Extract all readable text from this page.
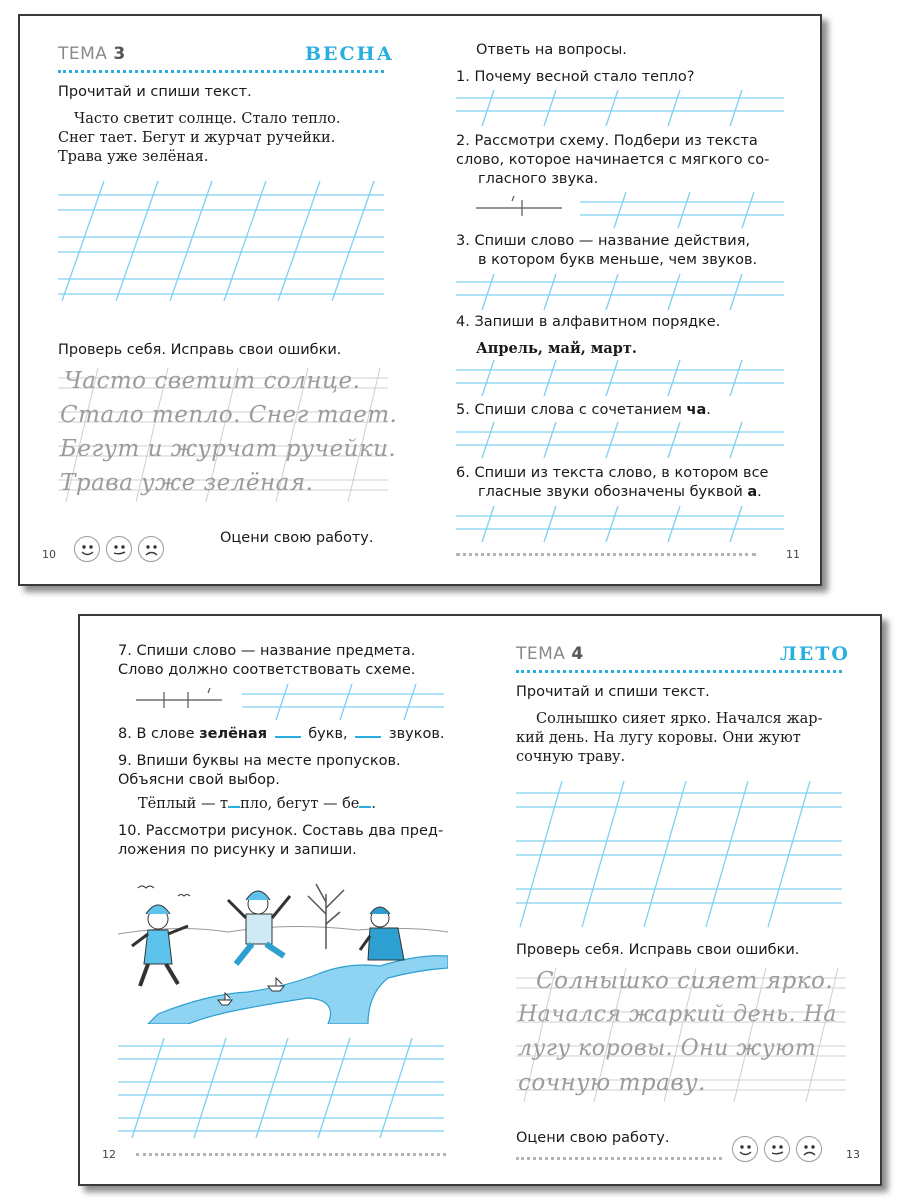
ТЕМА 3	ВЕСНА
Прочитай и спиши текст.
Часто светит солнце. Стало тепло.
Снег тает. Бегут и журчат ручейки.
Трава уже зелёная.
Проверь себя. Исправь свои ошибки.
Часто светит солнце.
Стало тепло. Снег тает.
Бегут и журчат ручейки.
Трава уже зелёная.
10
Оцени свою работу.
Ответь на вопросы.
1. Почему весной стало тепло?
2. Рассмотри схему. Подбери из текста
слово, которое начинается с мягкого со-
гласного звука.
3. Спиши слово — название действия,
в котором букв меньше, чем звуков.
4. Запиши в алфавитном порядке.
Апрель, май, март.
5. Спиши слова с сочетанием ча.
6. Спиши из текста слово, в котором все
гласные звуки обозначены буквой а.
11
7. Спиши слово — название предмета.
Слово должно соответствовать схеме.
8. В слове зелёная	букв,	звуков.
9. Впиши буквы на месте пропусков.
Объясни свой выбор.
Тёплый — т пло, бегут — бе .
10. Рассмотри рисунок. Составь два пред-
ложения по рисунку и запиши.
12
ТЕМА 4	ЛЕТО
Прочитай и спиши текст.
Солнышко сияет ярко. Начался жар-
кий день. На лугу коровы. Они жуют
сочную траву.
Проверь себя. Исправь свои ошибки.
Солнышко сияет ярко.
Начался жаркий день. На
лугу коровы. Они жуют
сочную траву.
Оцени свою работу.
13
